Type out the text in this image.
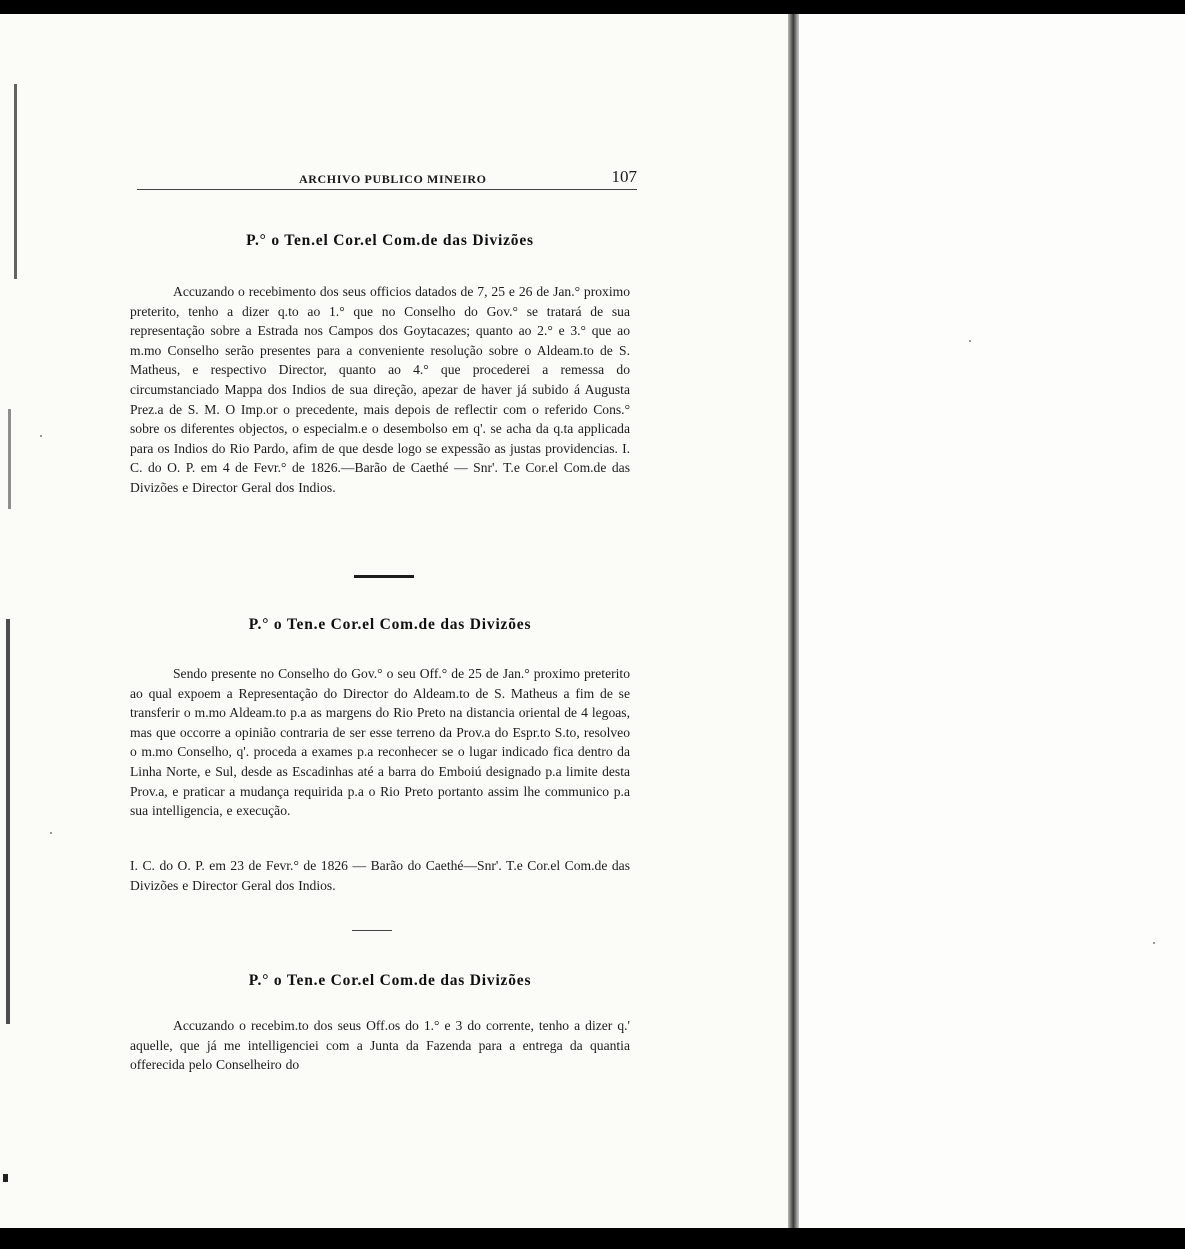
ARCHIVO PUBLICO MINEIRO	107
P.° o Ten.el Cor.el Com.de das Divizões

Accuzando o recebimento dos seus officios datados de 7, 25 e 26 de Jan.° proximo preterito, tenho a dizer q.to ao 1.° que no Conselho do Gov.° se tratará de sua representação sobre a Estrada nos Campos dos Goytacazes; quanto ao 2.° e 3.° que ao m.mo Conselho serão presentes para a conveniente resolução sobre o Aldeam.to de S. Matheus, e respectivo Director, quanto ao 4.° que procederei a remessa do circumstanciado Mappa dos Indios de sua direção, apezar de haver já subido á Augusta Prez.a de S. M. O Imp.or o precedente, mais depois de reflectir com o referido Cons.° sobre os diferentes objectos, o especialm.e o desembolso em q'. se acha da q.ta applicada para os Indios do Rio Pardo, afim de que desde logo se expessão as justas providencias. I. C. do O. P. em 4 de Fevr.° de 1826.—Barão de Caethé — Snr'. T.e Cor.el Com.de das Divizões e Director Geral dos Indios.

P.° o Ten.e Cor.el Com.de das Divizões

Sendo presente no Conselho do Gov.° o seu Off.° de 25 de Jan.° proximo preterito ao qual expoem a Representação do Director do Aldeam.to de S. Matheus a fim de se transferir o m.mo Aldeam.to p.a as margens do Rio Preto na distancia oriental de 4 legoas, mas que occorre a opinião contraria de ser esse terreno da Prov.a do Espr.to S.to, resolveo o m.mo Conselho, q'. proceda a exames p.a reconhecer se o lugar indicado fica dentro da Linha Norte, e Sul, desde as Escadinhas até a barra do Emboiú designado p.a limite desta Prov.a, e praticar a mudança requirida p.a o Rio Preto portanto assim lhe communico p.a sua intelligencia, e execução.

I. C. do O. P. em 23 de Fevr.° de 1826 — Barão do Caethé—Snr'. T.e Cor.el Com.de das Divizões e Director Geral dos Indios.

P.° o Ten.e Cor.el Com.de das Divizões

Accuzando o recebim.to dos seus Off.os do 1.° e 3 do corrente, tenho a dizer q.' aquelle, que já me intelligenciei com a Junta da Fazenda para a entrega da quantia offerecida pelo Conselheiro do
